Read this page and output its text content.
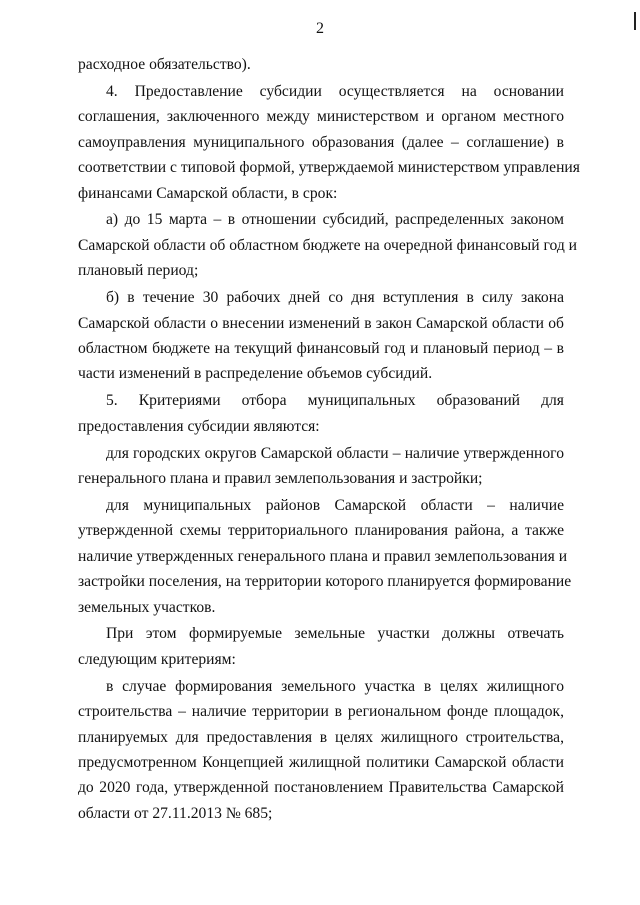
2

расходное обязательство).

4. Предоставление субсидии осуществляется на основании
соглашения, заключенного между министерством и органом местного
самоуправления муниципального образования (далее – соглашение) в
соответствии с типовой формой, утверждаемой министерством управления
финансами Самарской области, в срок:

а) до 15 марта – в отношении субсидий, распределенных законом
Самарской области об областном бюджете на очередной финансовый год и
плановый период;

б) в течение 30 рабочих дней со дня вступления в силу закона
Самарской области о внесении изменений в закон Самарской области об
областном бюджете на текущий финансовый год и плановый период – в
части изменений в распределение объемов субсидий.

5. Критериями отбора муниципальных образований для
предоставления субсидии являются:

для городских округов Самарской области – наличие утвержденного
генерального плана и правил землепользования и застройки;

для муниципальных районов Самарской области – наличие
утвержденной схемы территориального планирования района, а также
наличие утвержденных генерального плана и правил землепользования и
застройки поселения, на территории которого планируется формирование
земельных участков.

При этом формируемые земельные участки должны отвечать
следующим критериям:

в случае формирования земельного участка в целях жилищного
строительства – наличие территории в региональном фонде площадок,
планируемых для предоставления в целях жилищного строительства,
предусмотренном Концепцией жилищной политики Самарской области
до 2020 года, утвержденной постановлением Правительства Самарской
области от 27.11.2013 № 685;
